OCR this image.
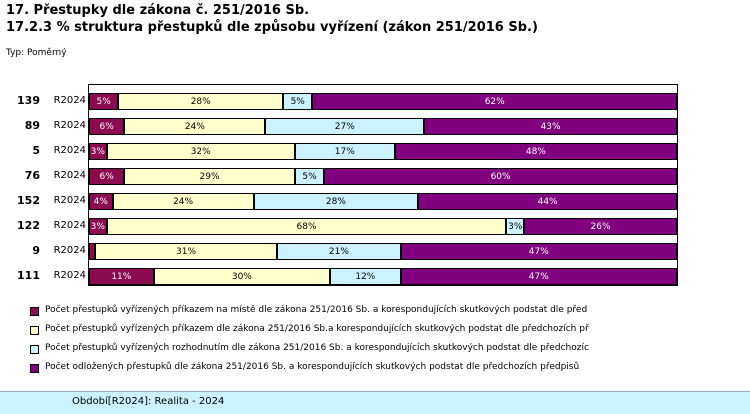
17. Přestupky dle zákona č. 251/2016 Sb.
17.2.3 % struktura přestupků dle způsobu vyřízení (zákon 251/2016 Sb.)
Typ: Poměrný
139 R2024
89 R2024
5 R2024
76 R2024
152 R2024
122 R2024
9 R2024
111 R2024
5%	28%	5%	62%
6%	24%	27%	43%
3%	32%	17%	48%
6%	29%	5%	60%
4%	24%	28%	44%
3%	68%	3%	26%
31%	21%	47%
11%	30%	12%	47%
Počet přestupků vyřízených příkazem na místě dle zákona 251/2016 Sb. a korespondujících skutkových podstat dle před
Počet přestupků vyřízených příkazem dle zákona 251/2016 Sb.a korespondujících skutkových podstat dle předchozích př
Počet přestupků vyřízených rozhodnutím dle zákona 251/2016 Sb. a korespondujících skutkových podstat dle předchozíc
Počet odložených přestupků dle zákona 251/2016 Sb. a korespondujících skutkových podstat dle předchozích předpisů
Období[R2024]: Realita - 2024
